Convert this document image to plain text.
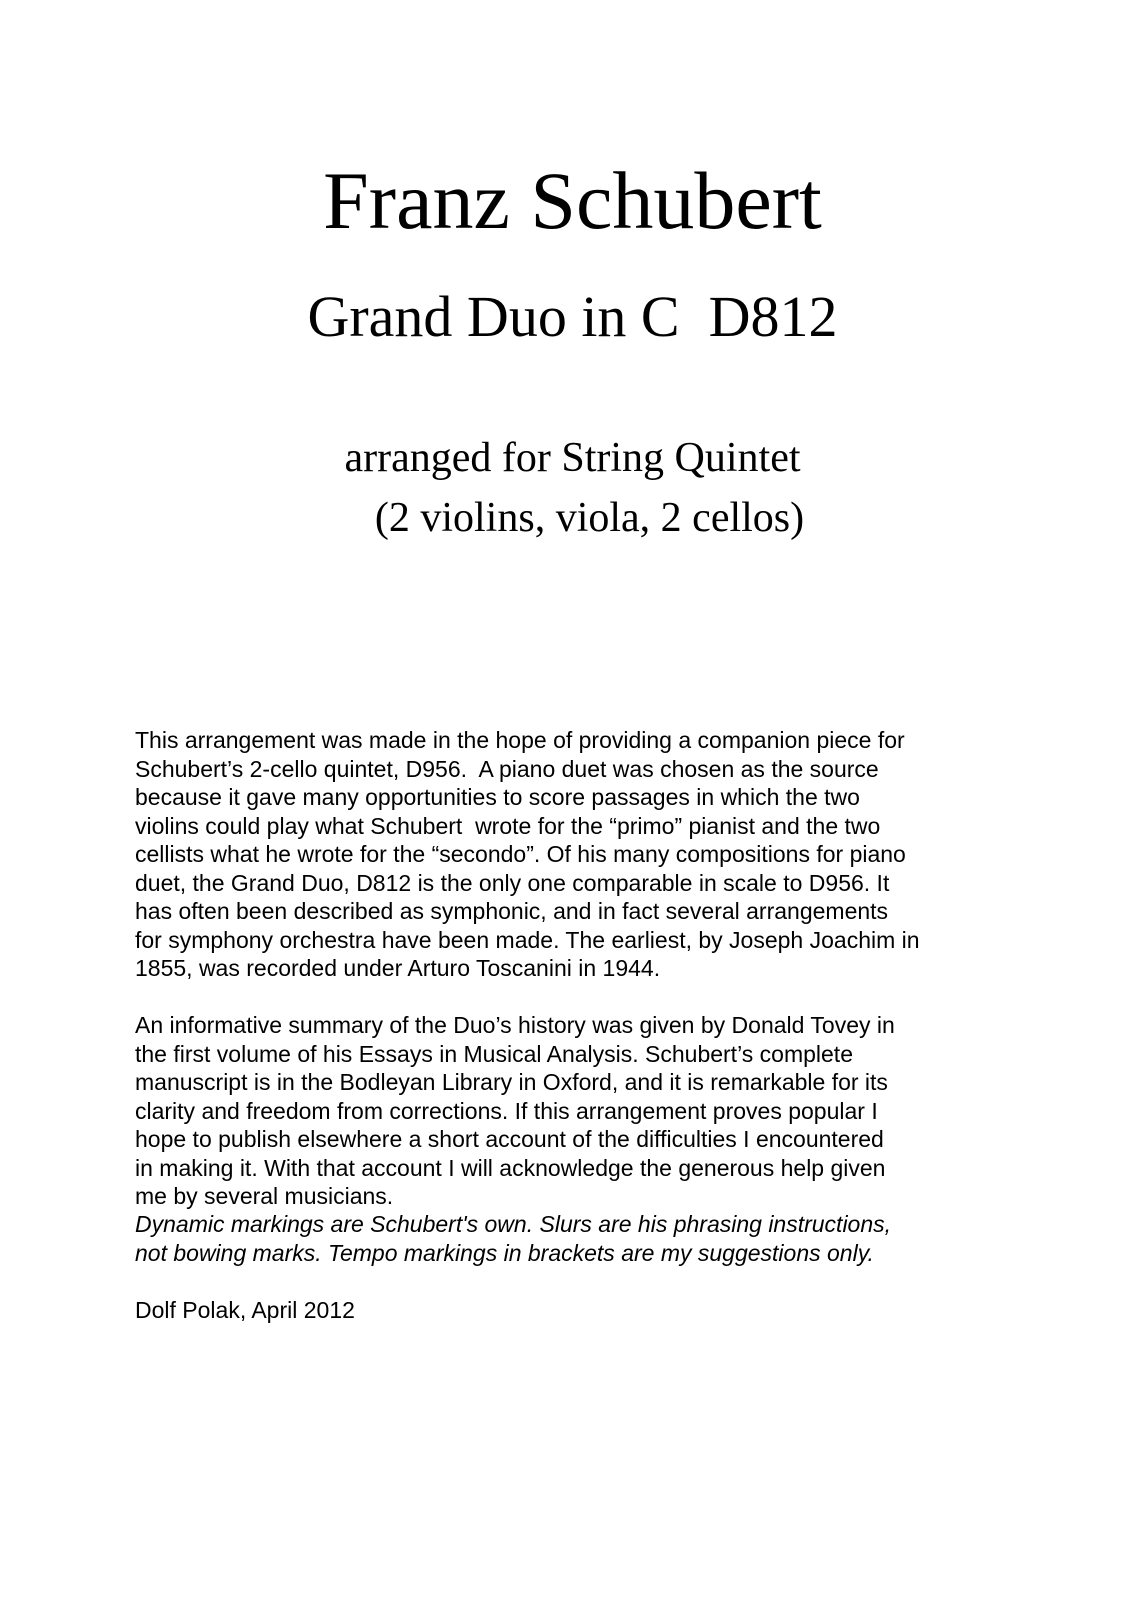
Franz Schubert
Grand Duo in C  D812
arranged for String Quintet
(2 violins, viola, 2 cellos)
This arrangement was made in the hope of providing a companion piece for
Schubert’s 2-cello quintet, D956.  A piano duet was chosen as the source
because it gave many opportunities to score passages in which the two
violins could play what Schubert  wrote for the “primo” pianist and the two
cellists what he wrote for the “secondo”. Of his many compositions for piano
duet, the Grand Duo, D812 is the only one comparable in scale to D956. It
has often been described as symphonic, and in fact several arrangements
for symphony orchestra have been made. The earliest, by Joseph Joachim in
1855, was recorded under Arturo Toscanini in 1944.
An informative summary of the Duo’s history was given by Donald Tovey in
the first volume of his Essays in Musical Analysis. Schubert’s complete
manuscript is in the Bodleyan Library in Oxford, and it is remarkable for its
clarity and freedom from corrections. If this arrangement proves popular I
hope to publish elsewhere a short account of the difficulties I encountered
in making it. With that account I will acknowledge the generous help given
me by several musicians.
Dynamic markings are Schubert's own. Slurs are his phrasing instructions,
not bowing marks. Tempo markings in brackets are my suggestions only.
Dolf Polak, April 2012
